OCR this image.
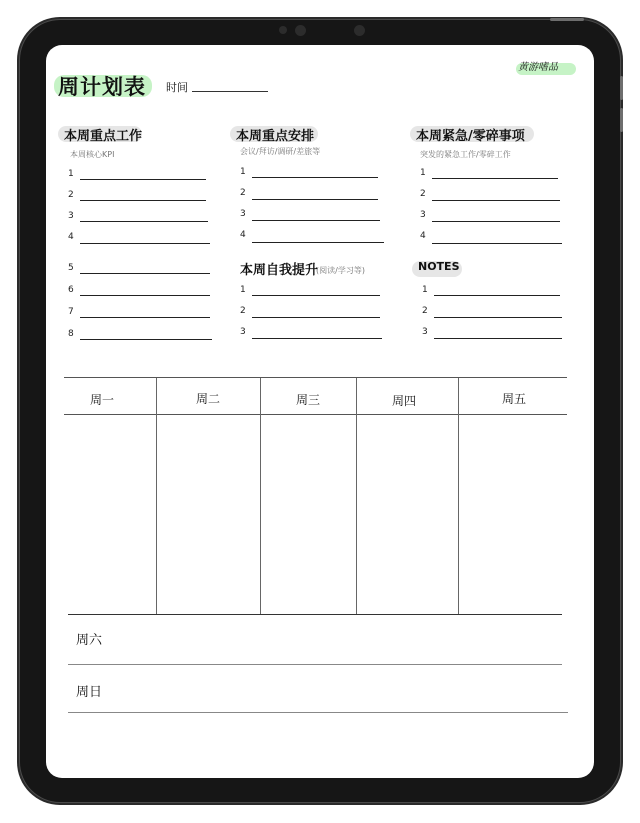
周计划表 时间
黄游嗜品
本周重点工作
本周核心KPI
1
2
3
4
5
6
7
8
本周重点安排
会议/拜访/调研/差旅等
1
2
3
4
本周自我提升
(阅读/学习等)
1
2
3
本周紧急/零碎事项
突发的紧急工作/零碎工作
1
2
3
4
NOTES
1
2
3
周一	周二	周三	周四	周五
周六
周日
